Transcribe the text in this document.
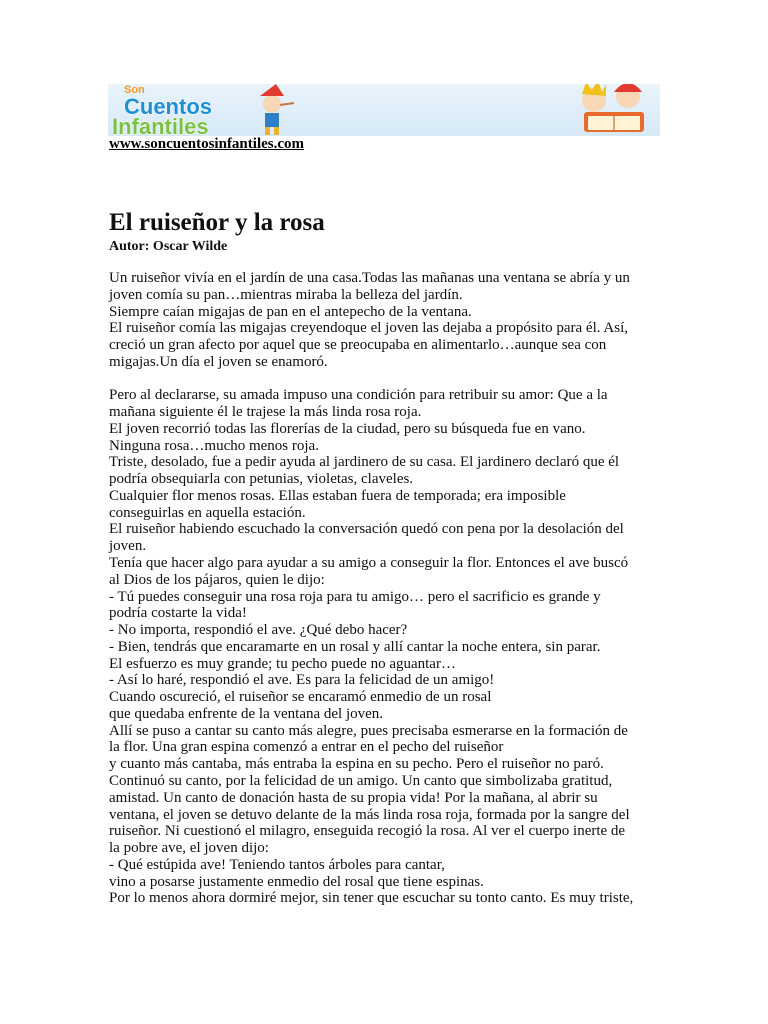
Son
Cuentos
Infantiles
www.soncuentosinfantiles.com
El ruiseñor y la rosa

Autor: Oscar Wilde

Un ruiseñor vivía en el jardín de una casa.Todas las mañanas una ventana se abría y un
joven comía su pan…mientras miraba la belleza del jardín.
Siempre caían migajas de pan en el antepecho de la ventana.
El ruiseñor comía las migajas creyendoque el joven las dejaba a propósito para él. Así,
creció un gran afecto por aquel que se preocupaba en alimentarlo…aunque sea con
migajas.Un día el joven se enamoró.

Pero al declararse, su amada impuso una condición para retribuir su amor: Que a la
mañana siguiente él le trajese la más linda rosa roja.
El joven recorrió todas las florerías de la ciudad, pero su búsqueda fue en vano.
Ninguna rosa…mucho menos roja.
Triste, desolado, fue a pedir ayuda al jardinero de su casa. El jardinero declaró que él
podría obsequiarla con petunias, violetas, claveles.
Cualquier flor menos rosas. Ellas estaban fuera de temporada; era imposible
conseguirlas en aquella estación.
El ruiseñor habiendo escuchado la conversación quedó con pena por la desolación del
joven.
Tenía que hacer algo para ayudar a su amigo a conseguir la flor. Entonces el ave buscó
al Dios de los pájaros, quien le dijo:
- Tú puedes conseguir una rosa roja para tu amigo… pero el sacrificio es grande y
podría costarte la vida!
- No importa, respondió el ave. ¿Qué debo hacer?
- Bien, tendrás que encaramarte en un rosal y allí cantar la noche entera, sin parar.
El esfuerzo es muy grande; tu pecho puede no aguantar…
- Así lo haré, respondió el ave. Es para la felicidad de un amigo!
Cuando oscureció, el ruiseñor se encaramó enmedio de un rosal
que quedaba enfrente de la ventana del joven.
Allí se puso a cantar su canto más alegre, pues precisaba esmerarse en la formación de
la flor. Una gran espina comenzó a entrar en el pecho del ruiseñor
y cuanto más cantaba, más entraba la espina en su pecho. Pero el ruiseñor no paró.
Continuó su canto, por la felicidad de un amigo. Un canto que simbolizaba gratitud,
amistad. Un canto de donación hasta de su propia vida! Por la mañana, al abrir su
ventana, el joven se detuvo delante de la más linda rosa roja, formada por la sangre del
ruiseñor. Ni cuestionó el milagro, enseguida recogió la rosa. Al ver el cuerpo inerte de
la pobre ave, el joven dijo:
- Qué estúpida ave! Teniendo tantos árboles para cantar,
vino a posarse justamente enmedio del rosal que tiene espinas.
Por lo menos ahora dormiré mejor, sin tener que escuchar su tonto canto. Es muy triste,
